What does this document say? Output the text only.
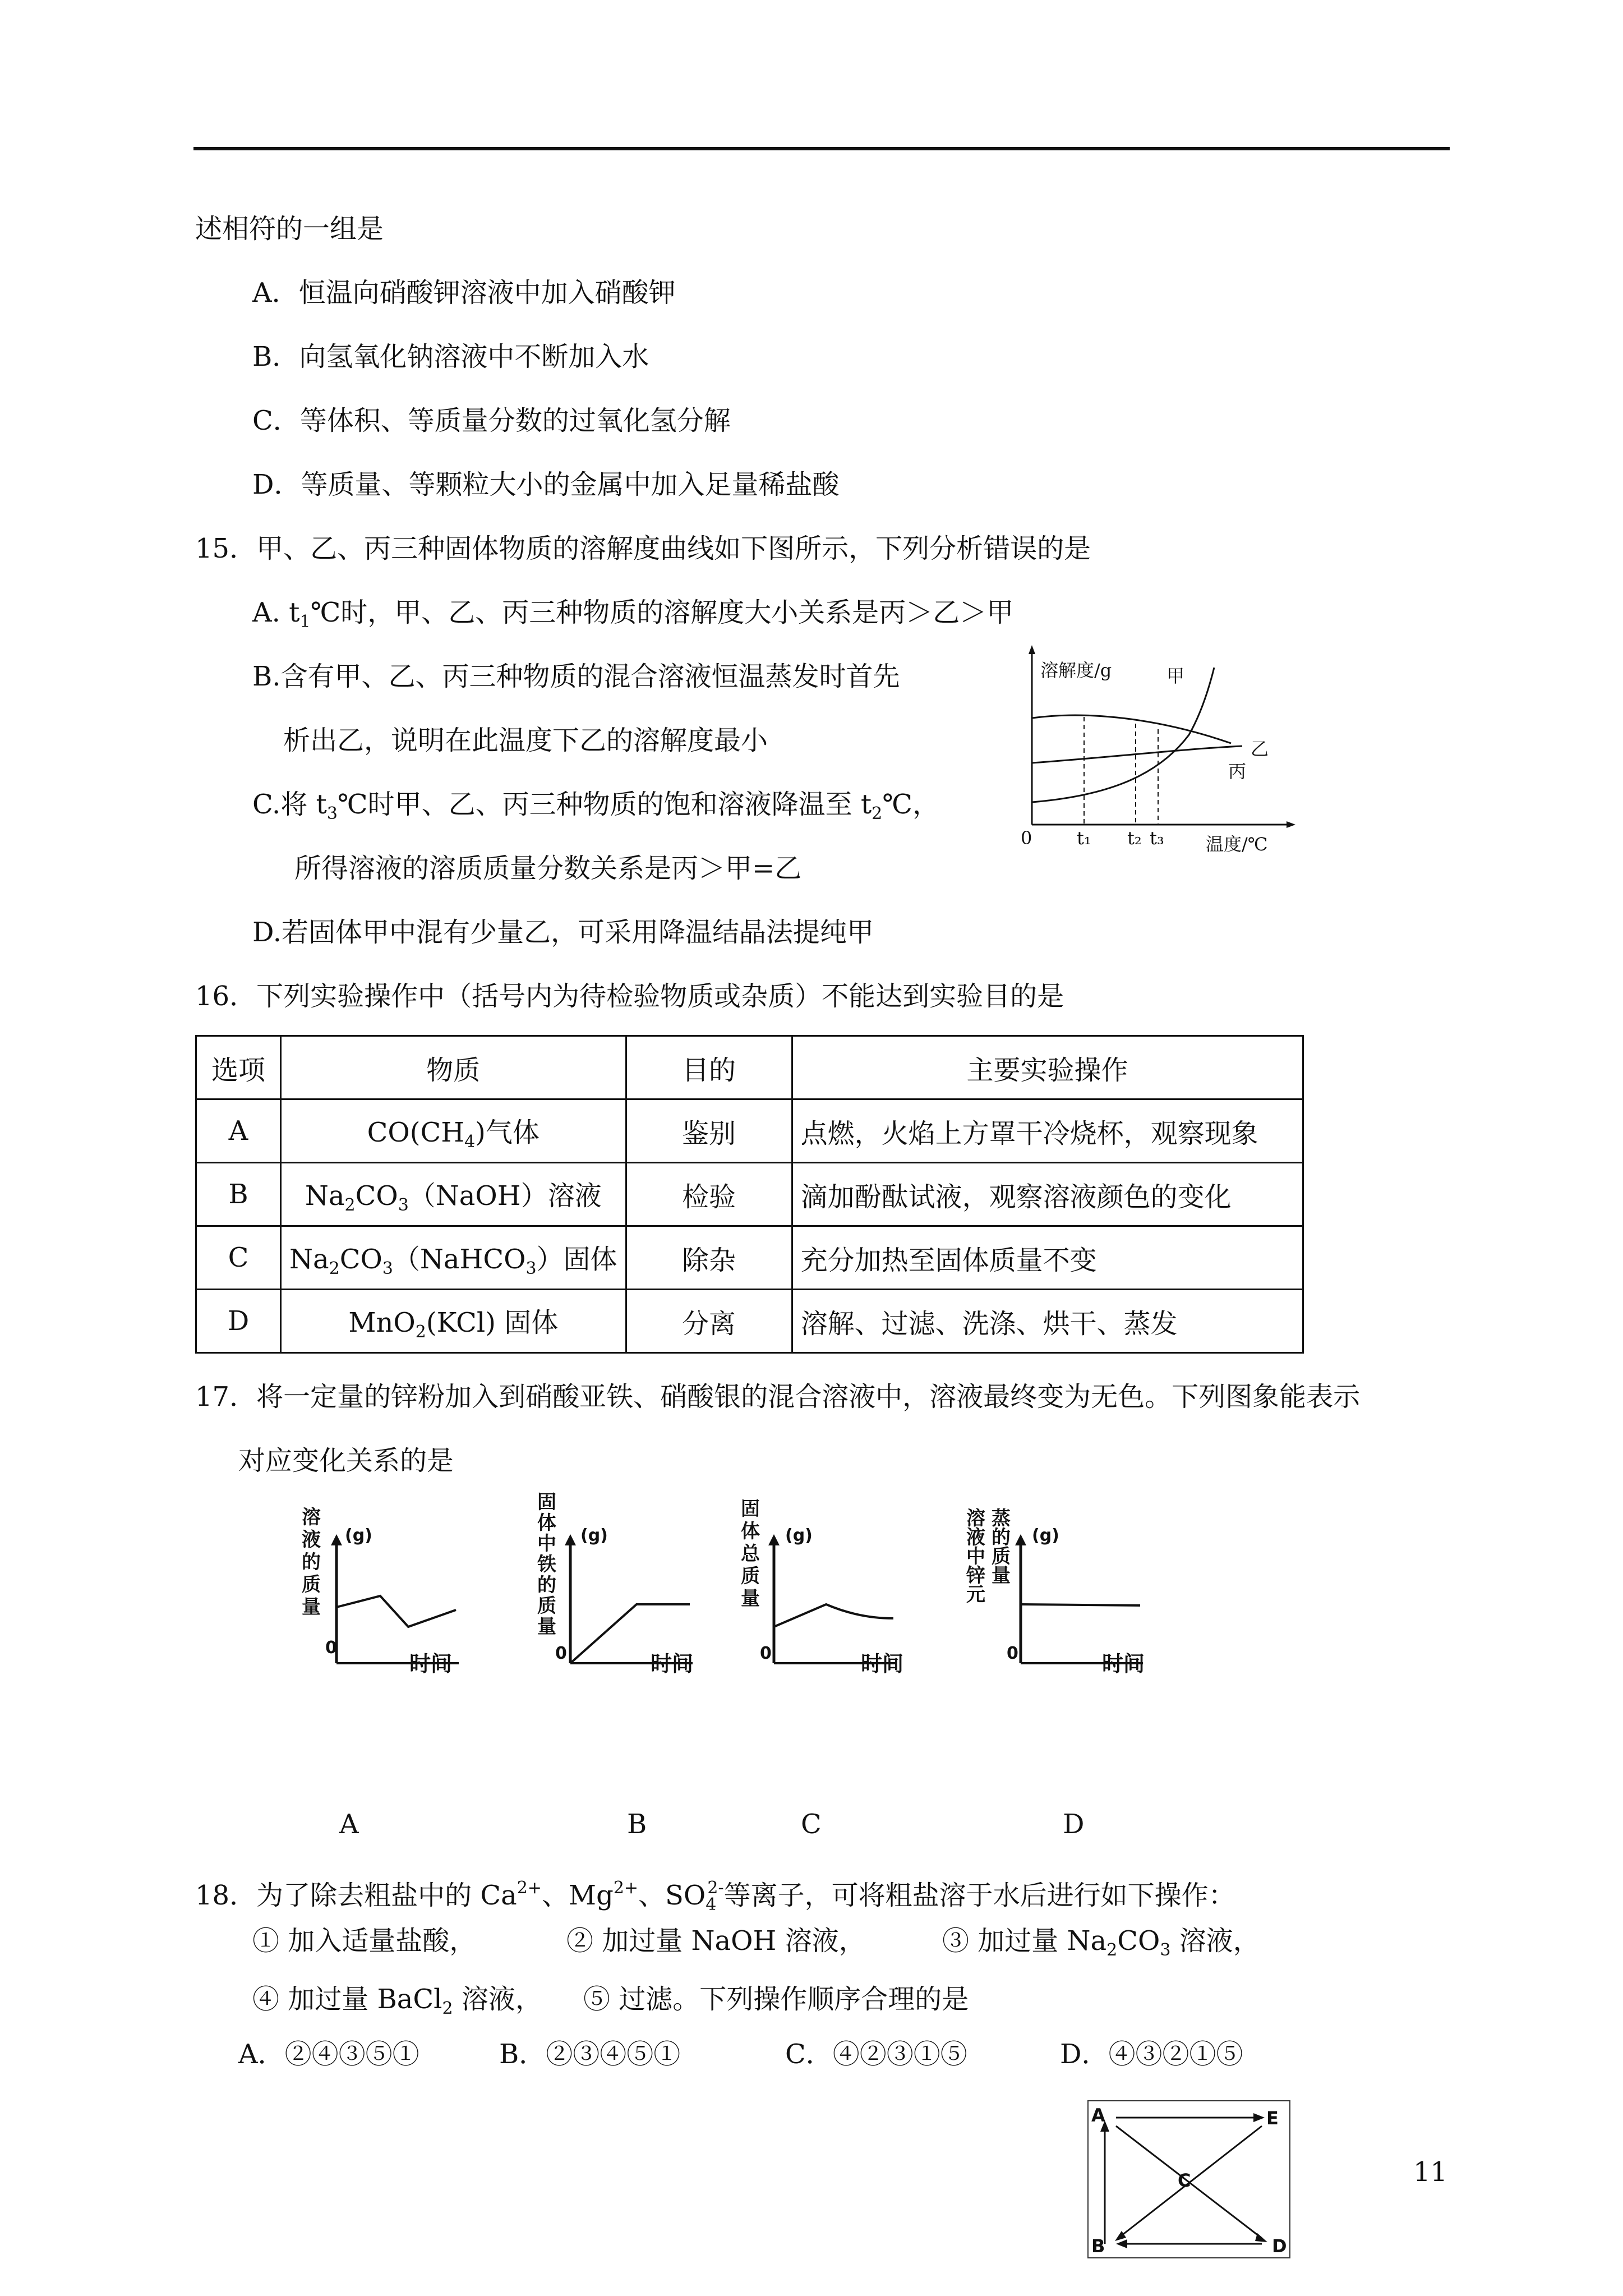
述相符的一组是
A．恒温向硝酸钾溶液中加入硝酸钾
B．向氢氧化钠溶液中不断加入水
C．等体积、等质量分数的过氧化氢分解
D．等质量、等颗粒大小的金属中加入足量稀盐酸
15．甲、乙、丙三种固体物质的溶解度曲线如下图所示，下列分析错误的是
A. $t_1℃$时，甲、乙、丙三种物质的溶解度大小关系是丙＞乙＞甲
B.含有甲、乙、丙三种物质的混合溶液恒温蒸发时首先
析出乙，说明在此温度下乙的溶解度最小
C.将 $t_3℃$时甲、乙、丙三种物质的饱和溶液降温至 $t_2℃$，
所得溶液的溶质质量分数关系是丙＞甲=乙
D.若固体甲中混有少量乙，可采用降温结晶法提纯甲
溶解度/g	甲
乙
丙
0 t₁ t₂ t₃ 温度/℃
16．下列实验操作中（括号内为待检验物质或杂质）不能达到实验目的是
选项	物质	目的	主要实验操作
A	$CO(CH_4)$气体	鉴别	点燃，火焰上方罩干冷烧杯，观察现象
B	$Na_2CO_3(NaOH)$溶液	检验	滴加酚酞试液，观察溶液颜色的变化
C	$Na_2CO_3(NaHCO_3)$固体	除杂	充分加热至固体质量不变
D	MnO$_2$(KCl) 固体	分离	溶解、过滤、洗涤、烘干、蒸发
17．将一定量的锌粉加入到硝酸亚铁、硝酸银的混合溶液中，溶液最终变为无色。下列图象能表示
对应变化关系的是
溶
液
的
质
量
(g)
0
时间
固
体
中
铁
的
质
量
(g)
0	时间
固
体
总
质
量
(g)
0	时间
溶
液
中
锌
元
蒸
的
质
量
(g)
0	时间
A	B	C	D
18．为了除去粗盐中的 $Ca^{2+}$、$Mg^{2+}$、$SO_4^{2-}$等离子，可将粗盐溶于水后进行如下操作：
① 加入适量盐酸，	② 加过量 NaOH 溶液，	③ 加过量 $Na_2CO_3$ 溶液，
④ 加过量 BaCl$_2$ 溶液， ⑤ 过滤。下列操作顺序合理的是
A．②④③⑤①	B．②③④⑤①	C．④②③①⑤	D．④③②①⑤
A	E
C
B	D
11
